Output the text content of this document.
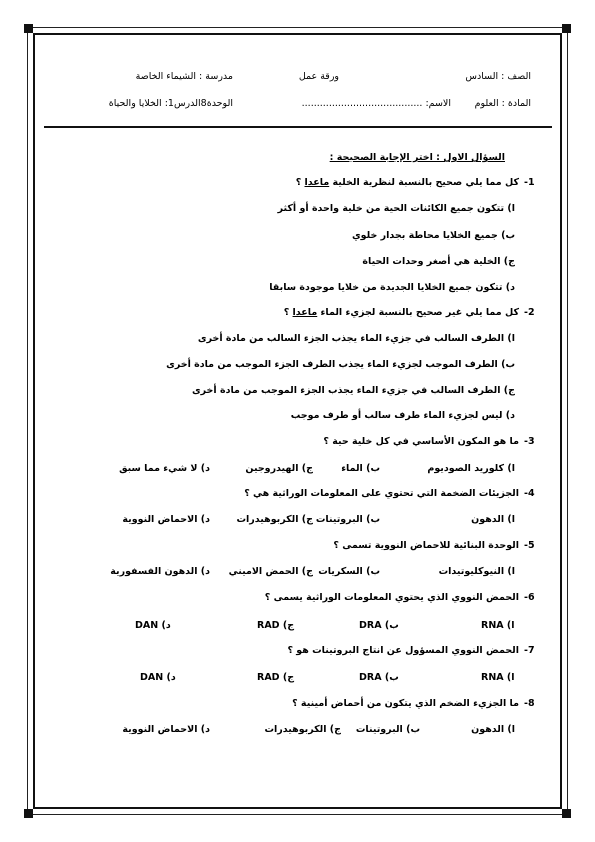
الصف : السادس
ورقة عمل
مدرسة : الشيماء الخاصة
المادة : العلوم
الاسم: ........................................
الوحدة8الدرس1: الخلايا والحياة
السؤال الاول : اختر الإجابة الصحيحة :
-1
كل مما يلي صحيح بالنسبة لنظرية الخلية ماعدا ؟
ا) تتكون جميع الكائنات الحية من خلية واحدة أو أكثر
ب) جميع الخلايا محاطة بجدار خلوي
ج) الخلية هي أصغر وحدات الحياة
د) تتكون جميع الخلايا الجديدة من خلايا موجودة سابقا
-2
كل مما يلي غير صحيح بالنسبة لجزيء الماء ماعدا ؟
ا) الطرف السالب في جزيء الماء يجذب الجزء السالب من مادة أخرى
ب) الطرف الموجب لجزيء الماء يجذب الطرف الجزء الموجب من مادة أخرى
ج) الطرف السالب في جزيء الماء يجذب الجزء الموجب من مادة أخرى
د) ليس لجزيء الماء طرف سالب أو طرف موجب
-3
ما هو المكون الأساسي في كل خلية حية ؟
ا) كلوريد الصوديوم
ب) الماء
ج) الهيدروجين
د) لا شيء مما سبق
-4
الجزيئات الضخمة التي تحتوي على المعلومات الوراثية هي ؟
ا) الدهون
ب) البروتينات
ج) الكربوهيدرات
د) الاحماض النووية
-5
الوحدة البنائية للاحماض النووية تسمى ؟
ا) النيوكليوتيدات
ب) السكريات
ج) الحمض الاميني
د) الدهون الفسفورية
-6
الحمض النووي الذي يحتوي المعلومات الوراثية يسمى ؟
RNA (ا
DRA (ب
RAD (ج
DAN (د
-7
الحمض النووي المسؤول عن انتاج البروتينات هو ؟
RNA (ا
DRA (ب
RAD (ج
DAN (د
-8
ما الجزيء الضخم الذي يتكون من أحماض أمينية ؟
ا) الدهون
ب) البروتينات
ج) الكربوهيدرات
د) الاحماض النووية
